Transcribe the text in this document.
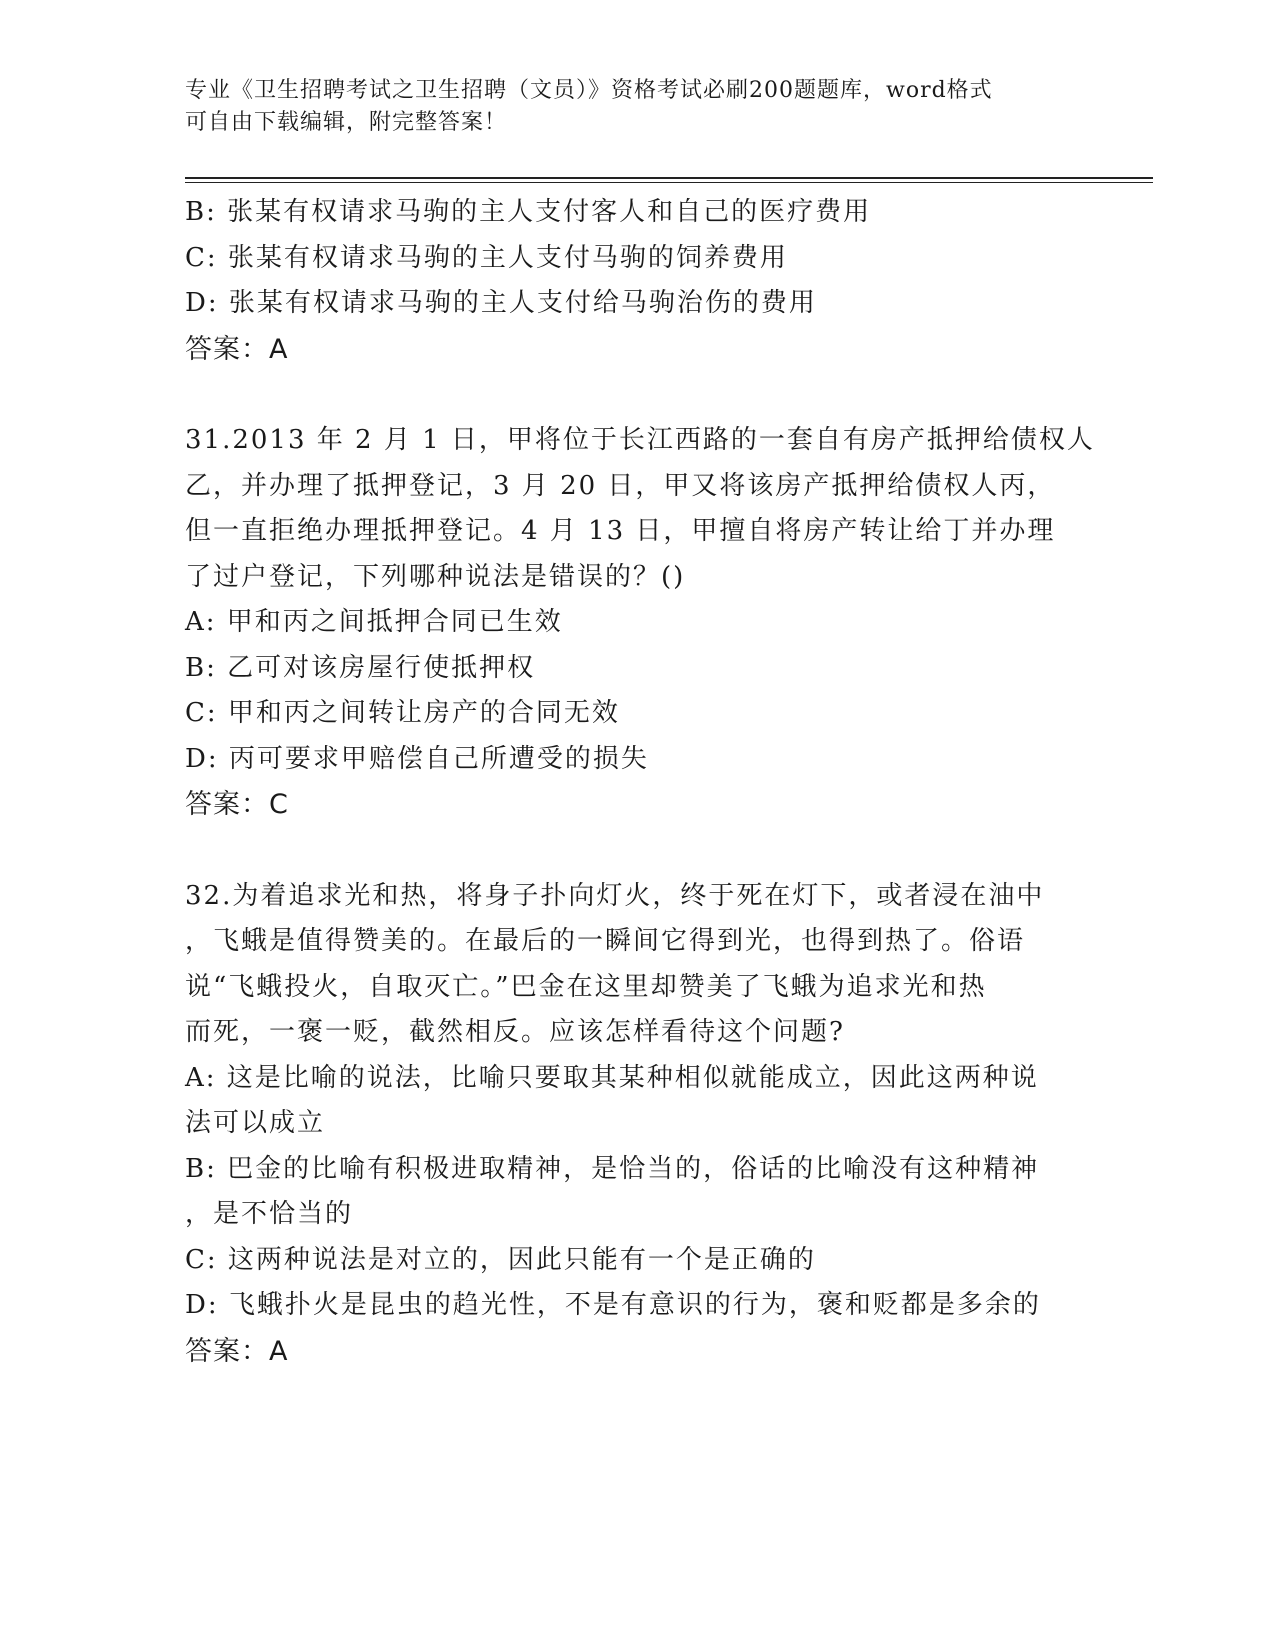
专业《卫生招聘考试之卫生招聘（文员）》资格考试必刷200题题库，word格式
可自由下载编辑，附完整答案！
B: 张某有权请求马驹的主人支付客人和自己的医疗费用
C: 张某有权请求马驹的主人支付马驹的饲养费用
D: 张某有权请求马驹的主人支付给马驹治伤的费用
答案：A
31.2013 年 2 月 1 日，甲将位于长江西路的一套自有房产抵押给债权人
乙，并办理了抵押登记，3 月 20 日，甲又将该房产抵押给债权人丙，
但一直拒绝办理抵押登记。4 月 13 日，甲擅自将房产转让给丁并办理
了过户登记，下列哪种说法是错误的？()
A: 甲和丙之间抵押合同已生效
B: 乙可对该房屋行使抵押权
C: 甲和丙之间转让房产的合同无效
D: 丙可要求甲赔偿自己所遭受的损失
答案：C
32.为着追求光和热，将身子扑向灯火，终于死在灯下，或者浸在油中
，飞蛾是值得赞美的。在最后的一瞬间它得到光，也得到热了。俗语
说“飞蛾投火，自取灭亡。”巴金在这里却赞美了飞蛾为追求光和热
而死，一褒一贬，截然相反。应该怎样看待这个问题?
A: 这是比喻的说法，比喻只要取其某种相似就能成立，因此这两种说
法可以成立
B: 巴金的比喻有积极进取精神，是恰当的，俗话的比喻没有这种精神
，是不恰当的
C: 这两种说法是对立的，因此只能有一个是正确的
D: 飞蛾扑火是昆虫的趋光性，不是有意识的行为，褒和贬都是多余的
答案：A
